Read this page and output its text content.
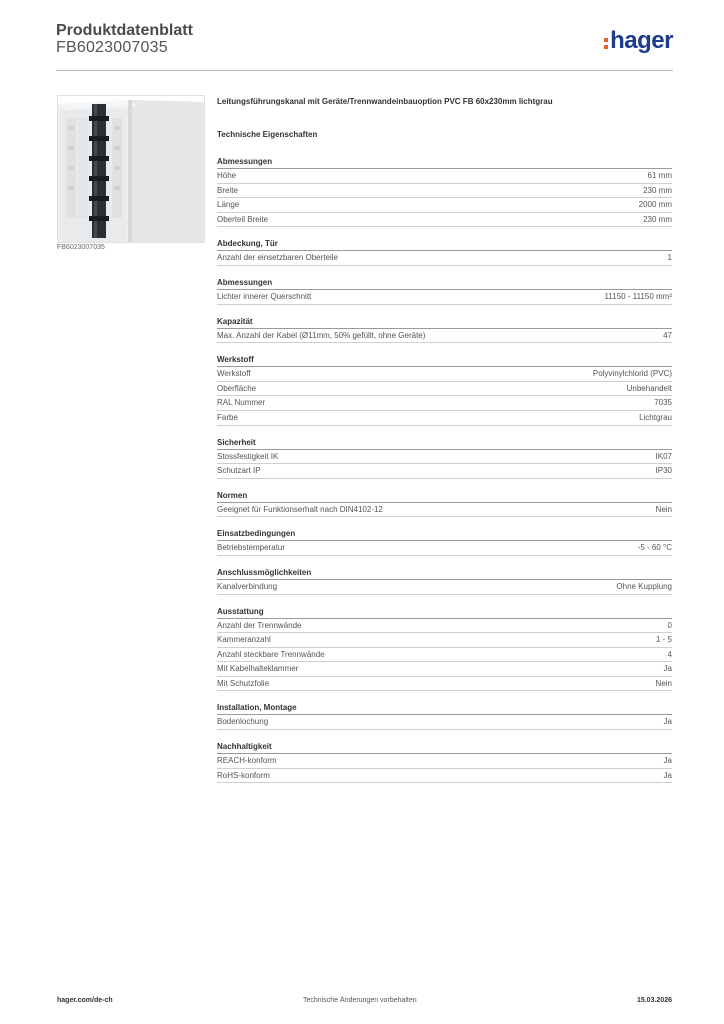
Produktdatenblatt
FB6023007035	hager
FB6023007035
Leitungsführungskanal mit Geräte/Trennwandeinbauoption PVC FB 60x230mm lichtgrau
Technische Eigenschaften
Abmessungen
Höhe	61 mm
Breite	230 mm
Länge	2000 mm
Oberteil Breite	230 mm
Abdeckung, Tür
Anzahl der einsetzbaren Oberteile	1
Abmessungen
Lichter innerer Querschnitt	11150 - 11150 mm²
Kapazität
Max. Anzahl der Kabel (Ø11mm, 50% gefüllt, ohne Geräte)	47
Werkstoff
Werkstoff	Polyvinylchlorid (PVC)
Oberfläche	Unbehandelt
RAL Nummer	7035
Farbe	Lichtgrau
Sicherheit
Stossfestigkeit IK	IK07
Schutzart IP	IP30
Normen
Geeignet für Funktionserhalt nach DIN4102-12	Nein
Einsatzbedingungen
Betriebstemperatur	-5 - 60 °C
Anschlussmöglichkeiten
Kanalverbindung	Ohne Kupplung
Ausstattung
Anzahl der Trennwände	0
Kammeranzahl	1 - 5
Anzahl steckbare Trennwände	4
Mit Kabelhalteklammer	Ja
Mit Schutzfolie	Nein
Installation, Montage
Bodenlochung	Ja
Nachhaltigkeit
REACH-konform	Ja
RoHS-konform	Ja
hager.com/de-ch	Technische Änderungen vorbehalten	15.03.2026
